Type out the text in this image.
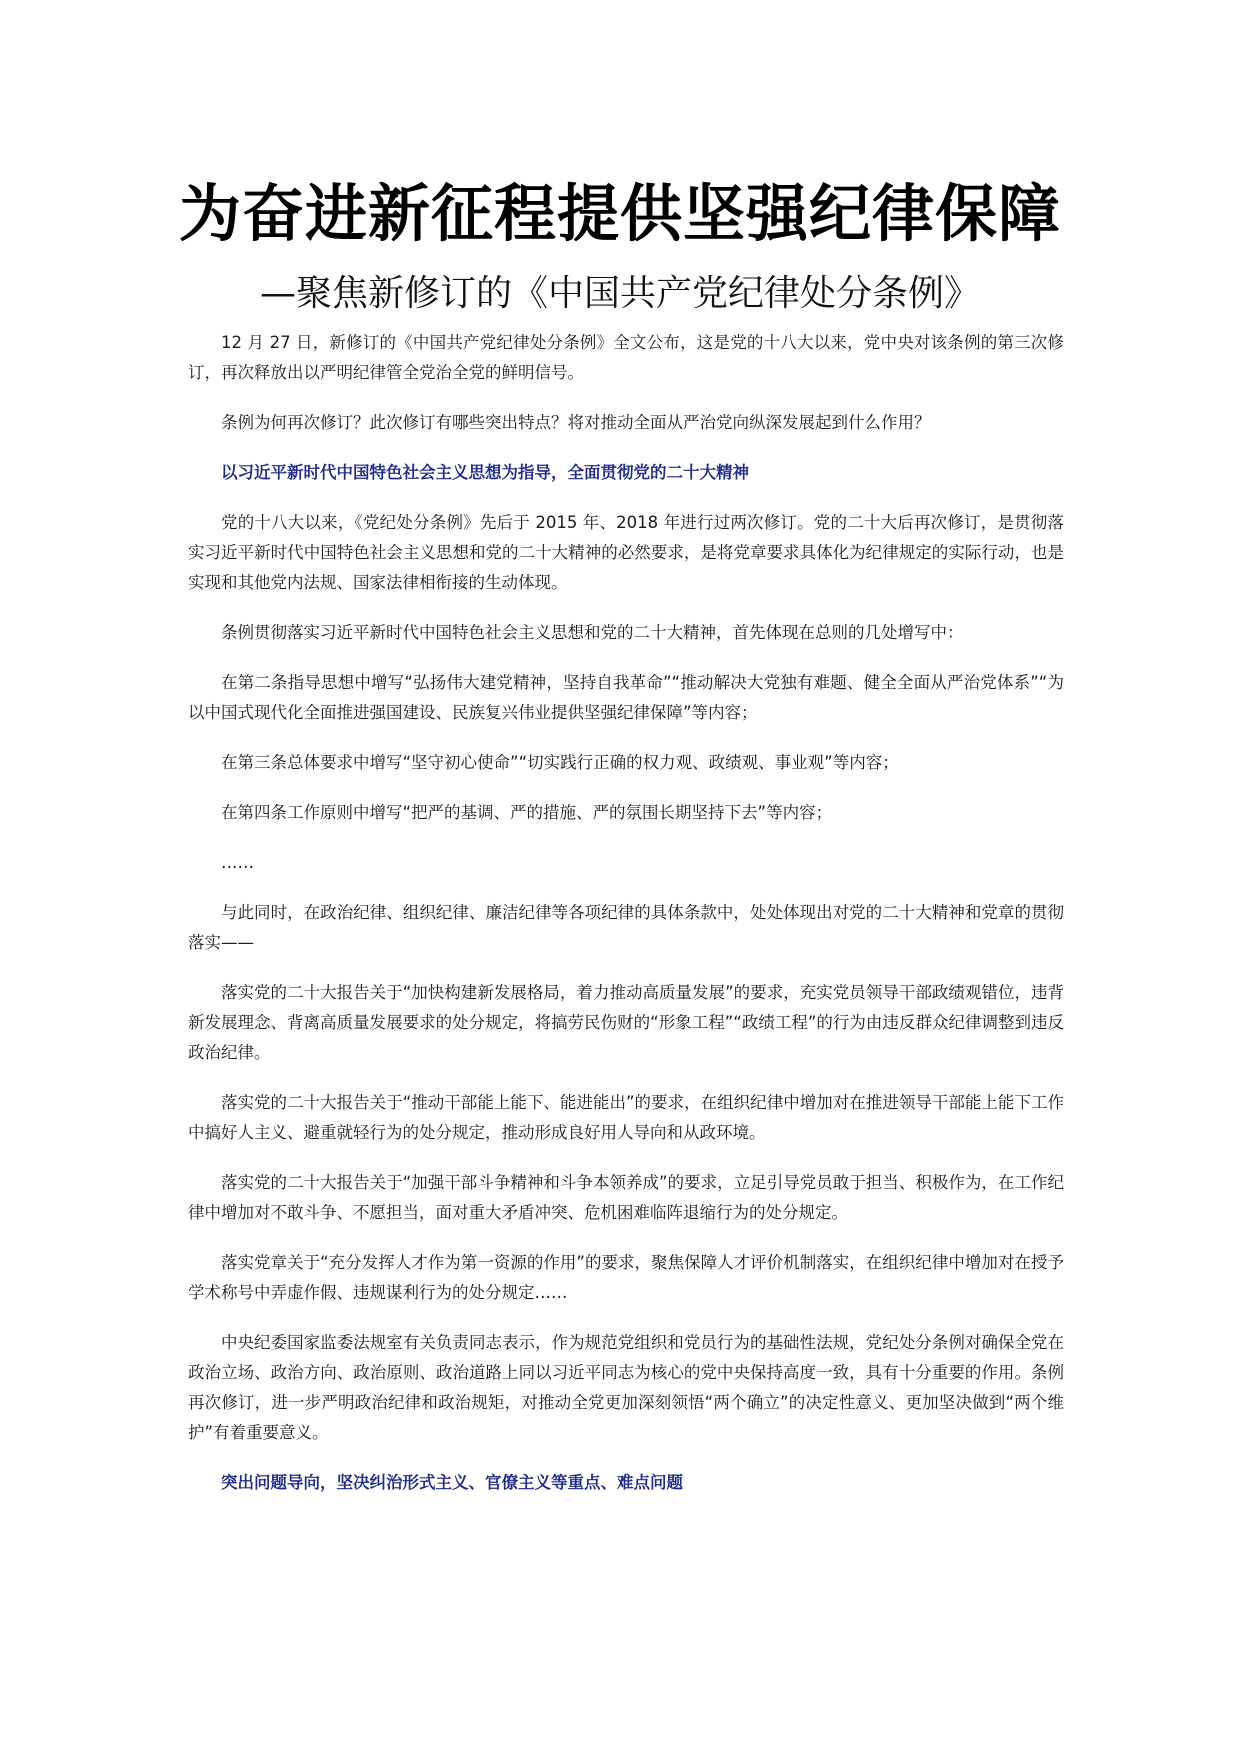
为奋进新征程提供坚强纪律保障
—聚焦新修订的《中国共产党纪律处分条例》

12 月 27 日，新修订的《中国共产党纪律处分条例》全文公布，这是党的十八大以来，党中央对该条例的第三次修订，再次释放出以严明纪律管全党治全党的鲜明信号。

条例为何再次修订？此次修订有哪些突出特点？将对推动全面从严治党向纵深发展起到什么作用？

以习近平新时代中国特色社会主义思想为指导，全面贯彻党的二十大精神

党的十八大以来，《党纪处分条例》先后于 2015 年、2018 年进行过两次修订。党的二十大后再次修订，是贯彻落实习近平新时代中国特色社会主义思想和党的二十大精神的必然要求，是将党章要求具体化为纪律规定的实际行动，也是实现和其他党内法规、国家法律相衔接的生动体现。

条例贯彻落实习近平新时代中国特色社会主义思想和党的二十大精神，首先体现在总则的几处增写中：

在第二条指导思想中增写“弘扬伟大建党精神，坚持自我革命”“推动解决大党独有难题、健全全面从严治党体系”“为以中国式现代化全面推进强国建设、民族复兴伟业提供坚强纪律保障”等内容；

在第三条总体要求中增写“坚守初心使命”“切实践行正确的权力观、政绩观、事业观”等内容；

在第四条工作原则中增写“把严的基调、严的措施、严的氛围长期坚持下去”等内容；

……

与此同时，在政治纪律、组织纪律、廉洁纪律等各项纪律的具体条款中，处处体现出对党的二十大精神和党章的贯彻落实——

落实党的二十大报告关于“加快构建新发展格局，着力推动高质量发展”的要求，充实党员领导干部政绩观错位，违背新发展理念、背离高质量发展要求的处分规定，将搞劳民伤财的“形象工程”“政绩工程”的行为由违反群众纪律调整到违反政治纪律。

落实党的二十大报告关于“推动干部能上能下、能进能出”的要求，在组织纪律中增加对在推进领导干部能上能下工作中搞好人主义、避重就轻行为的处分规定，推动形成良好用人导向和从政环境。

落实党的二十大报告关于“加强干部斗争精神和斗争本领养成”的要求，立足引导党员敢于担当、积极作为，在工作纪律中增加对不敢斗争、不愿担当，面对重大矛盾冲突、危机困难临阵退缩行为的处分规定。

落实党章关于“充分发挥人才作为第一资源的作用”的要求，聚焦保障人才评价机制落实，在组织纪律中增加对在授予学术称号中弄虚作假、违规谋利行为的处分规定……

中央纪委国家监委法规室有关负责同志表示，作为规范党组织和党员行为的基础性法规，党纪处分条例对确保全党在政治立场、政治方向、政治原则、政治道路上同以习近平同志为核心的党中央保持高度一致，具有十分重要的作用。条例再次修订，进一步严明政治纪律和政治规矩，对推动全党更加深刻领悟“两个确立”的决定性意义、更加坚决做到“两个维护”有着重要意义。

突出问题导向，坚决纠治形式主义、官僚主义等重点、难点问题
